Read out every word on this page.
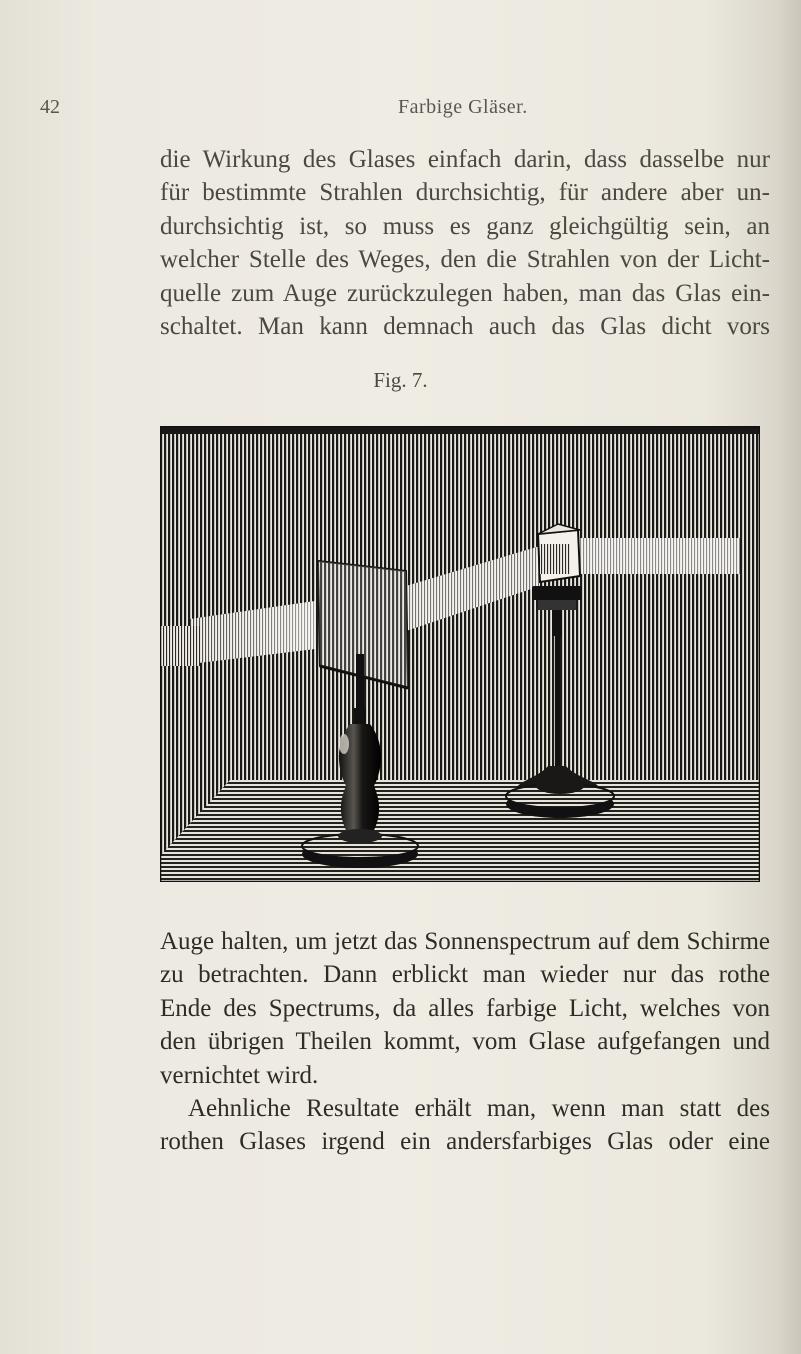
42	Farbige Gläser.
die Wirkung des Glases einfach darin, dass dasselbe nur
für bestimmte Strahlen durchsichtig, für andere aber un-
durchsichtig ist, so muss es ganz gleichgültig sein, an
welcher Stelle des Weges, den die Strahlen von der Licht-
quelle zum Auge zurückzulegen haben, man das Glas ein-
schaltet. Man kann demnach auch das Glas dicht vors
Fig. 7.
Auge halten, um jetzt das Sonnenspectrum auf dem Schirme
zu betrachten. Dann erblickt man wieder nur das rothe
Ende des Spectrums, da alles farbige Licht, welches von
den übrigen Theilen kommt, vom Glase aufgefangen und
vernichtet wird.
Aehnliche Resultate erhält man, wenn man statt des
rothen Glases irgend ein andersfarbiges Glas oder eine
